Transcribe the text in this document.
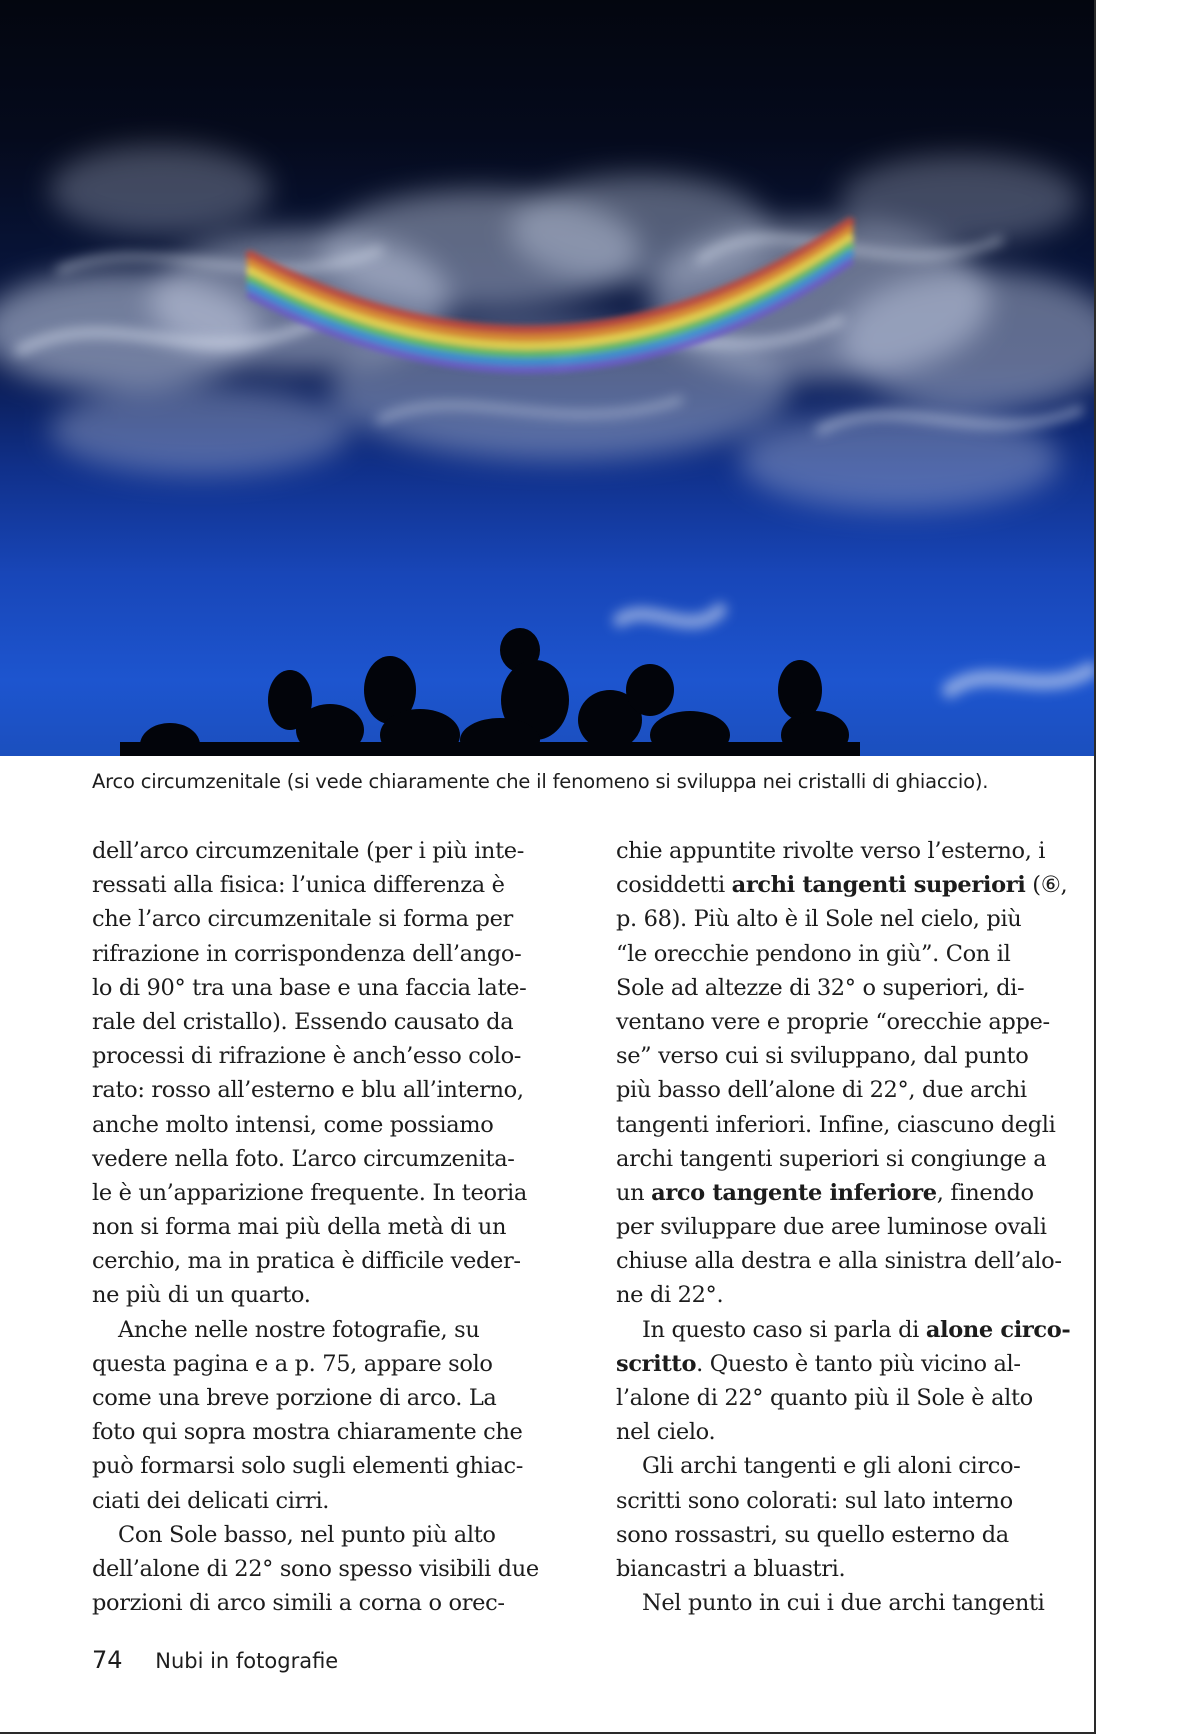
Arco circumzenitale (si vede chiaramente che il fenomeno si sviluppa nei cristalli di ghiaccio).
dell’arco circumzenitale (per i più inte-
ressati alla fisica: l’unica differenza è
che l’arco circumzenitale si forma per
rifrazione in corrispondenza dell’ango-
lo di 90° tra una base e una faccia late-
rale del cristallo). Essendo causato da
processi di rifrazione è anch’esso colo-
rato: rosso all’esterno e blu all’interno,
anche molto intensi, come possiamo
vedere nella foto. L’arco circumzenita-
le è un’apparizione frequente. In teoria
non si forma mai più della metà di un
cerchio, ma in pratica è difficile veder-
ne più di un quarto.
Anche nelle nostre fotografie, su
questa pagina e a p. 75, appare solo
come una breve porzione di arco. La
foto qui sopra mostra chiaramente che
può formarsi solo sugli elementi ghiac-
ciati dei delicati cirri.
Con Sole basso, nel punto più alto
dell’alone di 22° sono spesso visibili due
porzioni di arco simili a corna o orec-
chie appuntite rivolte verso l’esterno, i
cosiddetti archi tangenti superiori (⑥,
p. 68). Più alto è il Sole nel cielo, più
“le orecchie pendono in giù”. Con il
Sole ad altezze di 32° o superiori, di-
ventano vere e proprie “orecchie appe-
se” verso cui si sviluppano, dal punto
più basso dell’alone di 22°, due archi
tangenti inferiori. Infine, ciascuno degli
archi tangenti superiori si congiunge a
un arco tangente inferiore, finendo
per sviluppare due aree luminose ovali
chiuse alla destra e alla sinistra dell’alo-
ne di 22°.
In questo caso si parla di alone circo-
scritto. Questo è tanto più vicino al-
l’alone di 22° quanto più il Sole è alto
nel cielo.
Gli archi tangenti e gli aloni circo-
scritti sono colorati: sul lato interno
sono rossastri, su quello esterno da
biancastri a bluastri.
Nel punto in cui i due archi tangenti
74 Nubi in fotografie
